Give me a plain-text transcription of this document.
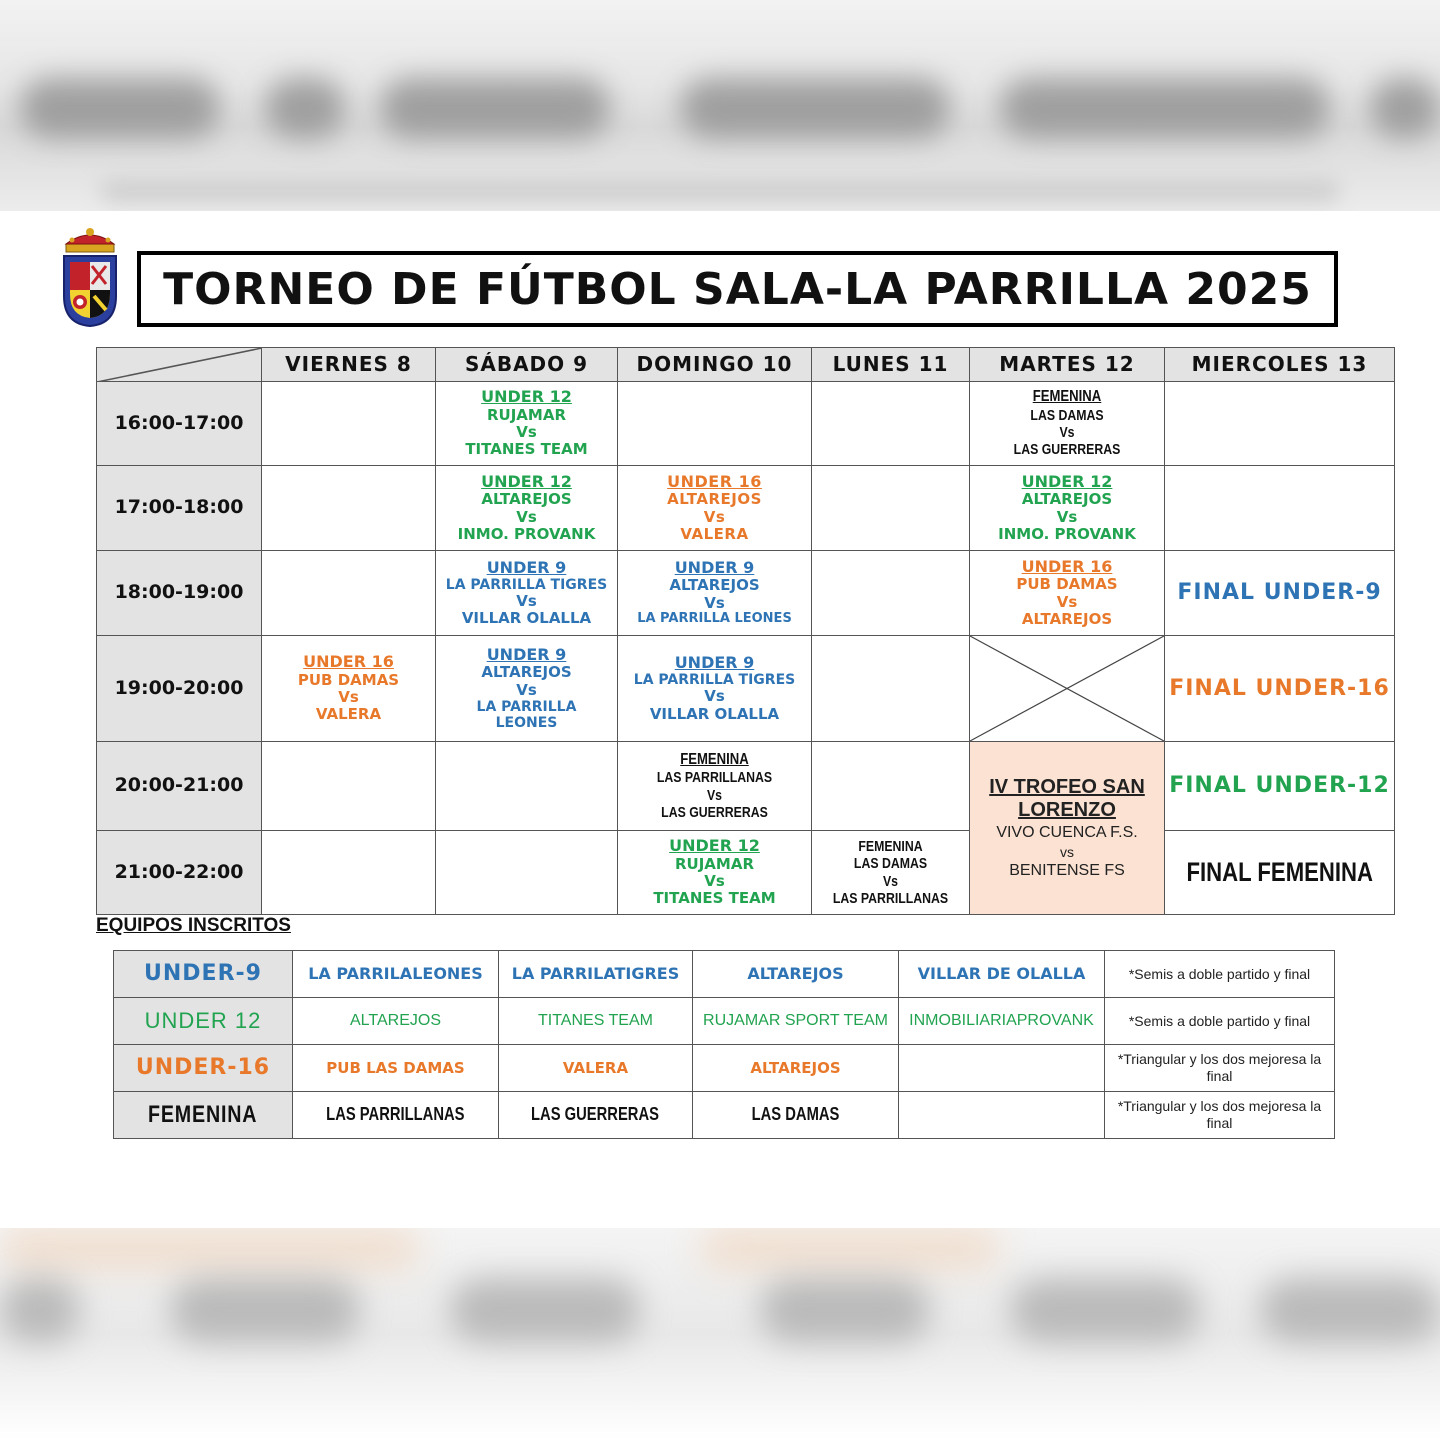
TORNEO DE FÚTBOL SALA-LA PARRILLA 2025
	VIERNES 8	SÁBADO 9	DOMINGO 10	LUNES 11	MARTES 12	MIERCOLES 13
16:00-17:00		UNDER 12
RUJAMAR
Vs
TITANES TEAM			FEMENINA
LAS DAMAS
Vs
LAS GUERRERAS	

17:00-18:00		UNDER 12
ALTAREJOS
Vs
INMO. PROVANK	UNDER 16
ALTAREJOS
Vs
VALERA		UNDER 12
ALTAREJOS
Vs
INMO. PROVANK	

18:00-19:00		UNDER 9
LA PARRILLA TIGRES
Vs
VILLAR OLALLA	UNDER 9
ALTAREJOS
Vs
LA PARRILLA LEONES		UNDER 16
PUB DAMAS
Vs
ALTAREJOS	FINAL UNDER-9
19:00-20:00	UNDER 16
PUB DAMAS
Vs
VALERA	UNDER 9
ALTAREJOS
Vs
LA PARRILLA LEONES	UNDER 9
LA PARRILLA TIGRES
Vs
VILLAR OLALLA			FINAL UNDER-16
20:00-21:00			FEMENINA
LAS PARRILLANAS
Vs
LAS GUERRERAS		IV TROFEO SAN LORENZO
VIVO CUENCA F.S.
vs
BENITENSE FS	FINAL UNDER-12
21:00-22:00			UNDER 12
RUJAMAR
Vs
TITANES TEAM	FEMENINA
LAS DAMAS
Vs
LAS PARRILLANAS		FINAL FEMENINA
EQUIPOS INSCRITOS
UNDER-9	LA PARRILALEONES	LA PARRILATIGRES	ALTAREJOS	VILLAR DE OLALLA	*Semis a doble partido y final
UNDER 12	ALTAREJOS	TITANES TEAM	RUJAMAR SPORT TEAM	INMOBILIARIAPROVANK	*Semis a doble partido y final
UNDER-16	PUB LAS DAMAS	VALERA	ALTAREJOS		*Triangular y los dos mejoresa la final
FEMENINA	LAS PARRILLANAS	LAS GUERRERAS	LAS DAMAS		*Triangular y los dos mejoresa la final
